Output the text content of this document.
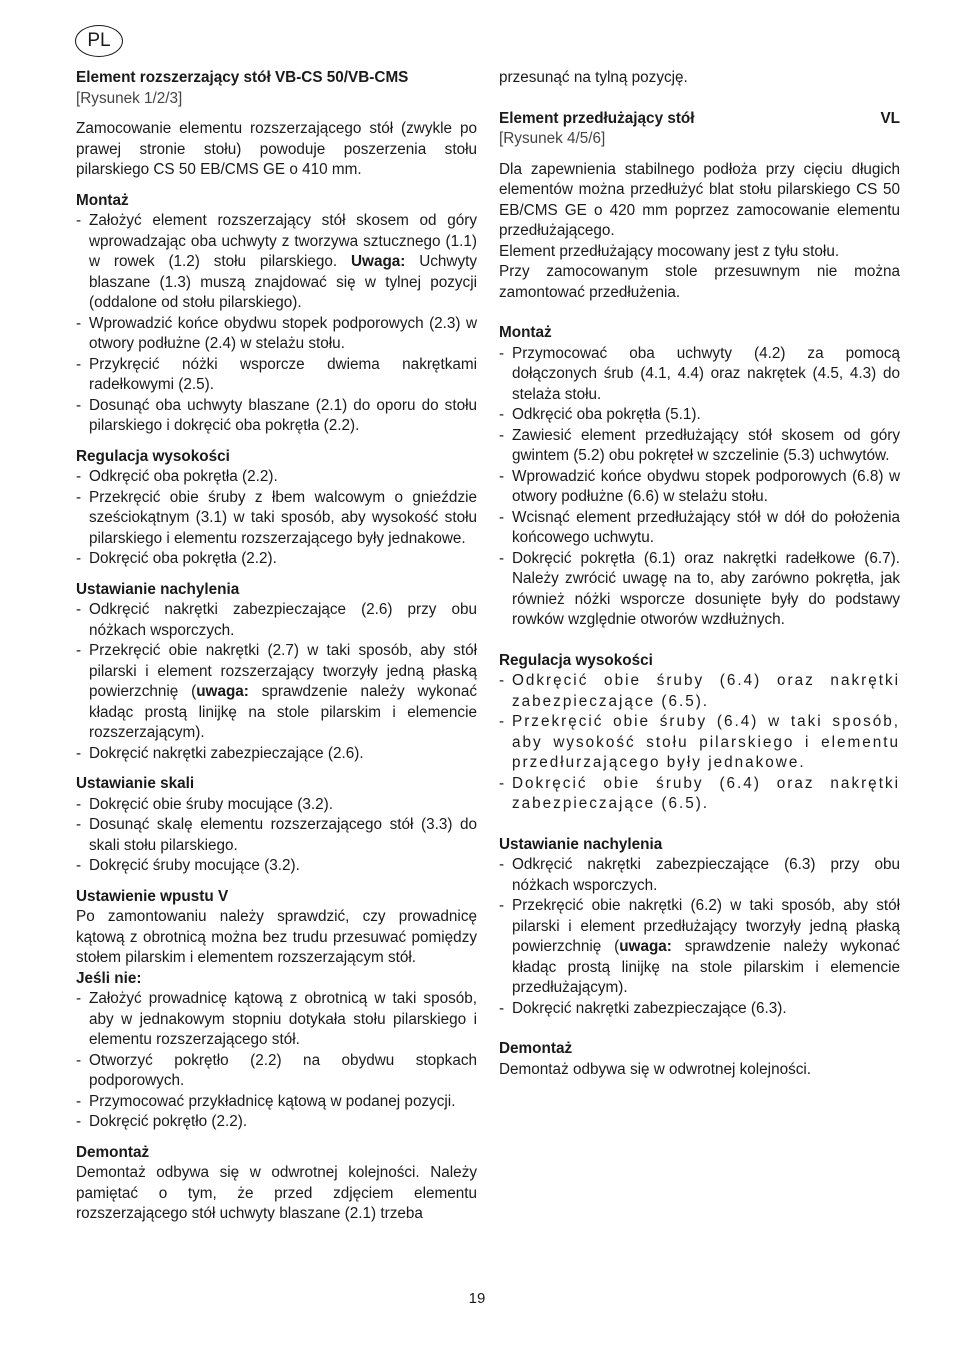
PL
Element rozszerzający stół VB-CS 50/VB-CMS
[Rysunek 1/2/3]

Zamocowanie elementu rozszerzającego stół (zwykle po prawej stronie stołu) powoduje poszerzenia stołu pilarskiego CS 50 EB/CMS GE o 410 mm.

Montaż
- Założyć element rozszerzający stół skosem od góry wprowadzając oba uchwyty z tworzywa sztucznego (1.1) w rowek (1.2) stołu pilarskiego. Uwaga: Uchwyty blaszane (1.3) muszą znajdować się w tylnej pozycji (oddalone od stołu pilarskiego).
- Wprowadzić końce obydwu stopek podporowych (2.3) w otwory podłużne (2.4) w stelażu stołu.
- Przykręcić nóżki wsporcze dwiema nakrętkami radełkowymi (2.5).
- Dosunąć oba uchwyty blaszane (2.1) do oporu do stołu pilarskiego i dokręcić oba pokrętła (2.2).
Regulacja wysokości
- Odkręcić oba pokrętła (2.2).
- Przekręcić obie śruby z łbem walcowym o gnieździe sześciokątnym (3.1) w taki sposób, aby wysokość stołu pilarskiego i elementu rozszerzającego były jednakowe.
- Dokręcić oba pokrętła (2.2).
Ustawianie nachylenia
- Odkręcić nakrętki zabezpieczające (2.6) przy obu nóżkach wsporczych.
- Przekręcić obie nakrętki (2.7) w taki sposób, aby stół pilarski i element rozszerzający tworzyły jedną płaską powierzchnię (uwaga: sprawdzenie należy wykonać kładąc prostą linijkę na stole pilarskim i elemencie rozszerzającym).
- Dokręcić nakrętki zabezpieczające (2.6).
Ustawianie skali
- Dokręcić obie śruby mocujące (3.2).
- Dosunąć skalę elementu rozszerzającego stół (3.3) do skali stołu pilarskiego.
- Dokręcić śruby mocujące (3.2).
Ustawienie wpustu V

Po zamontowaniu należy sprawdzić, czy prowadnicę kątową z obrotnicą można bez trudu przesuwać pomiędzy stołem pilarskim i elementem rozszerzającym stół.

Jeśli nie:
- Założyć prowadnicę kątową z obrotnicą w taki sposób, aby w jednakowym stopniu dotykała stołu pilarskiego i elementu rozszerzającego stół.
- Otworzyć pokrętło (2.2) na obydwu stopkach podporowych.
- Przymocować przykładnicę kątową w podanej pozycji.
- Dokręcić pokrętło (2.2).
Demontaż

Demontaż odbywa się w odwrotnej kolejności. Należy pamiętać o tym, że przed zdjęciem elementu rozszerzającego stół uchwyty blaszane (2.1) trzeba

przesunąć na tylną pozycję.

Element przedłużający stół	VL
[Rysunek 4/5/6]

Dla zapewnienia stabilnego podłoża przy cięciu długich elementów można przedłużyć blat stołu pilarskiego CS 50 EB/CMS GE o 420 mm poprzez zamocowanie elementu przedłużającego.

Element przedłużający mocowany jest z tyłu stołu.

Przy zamocowanym stole przesuwnym nie można zamontować przedłużenia.

Montaż
- Przymocować oba uchwyty (4.2) za pomocą dołączonych śrub (4.1, 4.4) oraz nakrętek (4.5, 4.3) do stelaża stołu.
- Odkręcić oba pokrętła (5.1).
- Zawiesić element przedłużający stół skosem od góry gwintem (5.2) obu pokręteł w szczelinie (5.3) uchwytów.
- Wprowadzić końce obydwu stopek podporowych (6.8) w otwory podłużne (6.6) w stelażu stołu.
- Wcisnąć element przedłużający stół w dół do położenia końcowego uchwytu.
- Dokręcić pokrętła (6.1) oraz nakrętki radełkowe (6.7). Należy zwrócić uwagę na to, aby zarówno pokrętła, jak również nóżki wsporcze dosunięte były do podstawy rowków względnie otworów wzdłużnych.
Regulacja wysokości
- Odkręcić obie śruby (6.4) oraz nakrętki zabezpieczające (6.5).
- Przekręcić obie śruby (6.4) w taki sposób, aby wysokość stołu pilarskiego i elementu przedłurzającego były jednakowe.
- Dokręcić obie śruby (6.4) oraz nakrętki zabezpieczające (6.5).
Ustawianie nachylenia
- Odkręcić nakrętki zabezpieczające (6.3) przy obu nóżkach wsporczych.
- Przekręcić obie nakrętki (6.2) w taki sposób, aby stół pilarski i element przedłużający tworzyły jedną płaską powierzchnię (uwaga: sprawdzenie należy wykonać kładąc prostą linijkę na stole pilarskim i elemencie przedłużającym).
- Dokręcić nakrętki zabezpieczające (6.3).
Demontaż

Demontaż odbywa się w odwrotnej kolejności.

19
